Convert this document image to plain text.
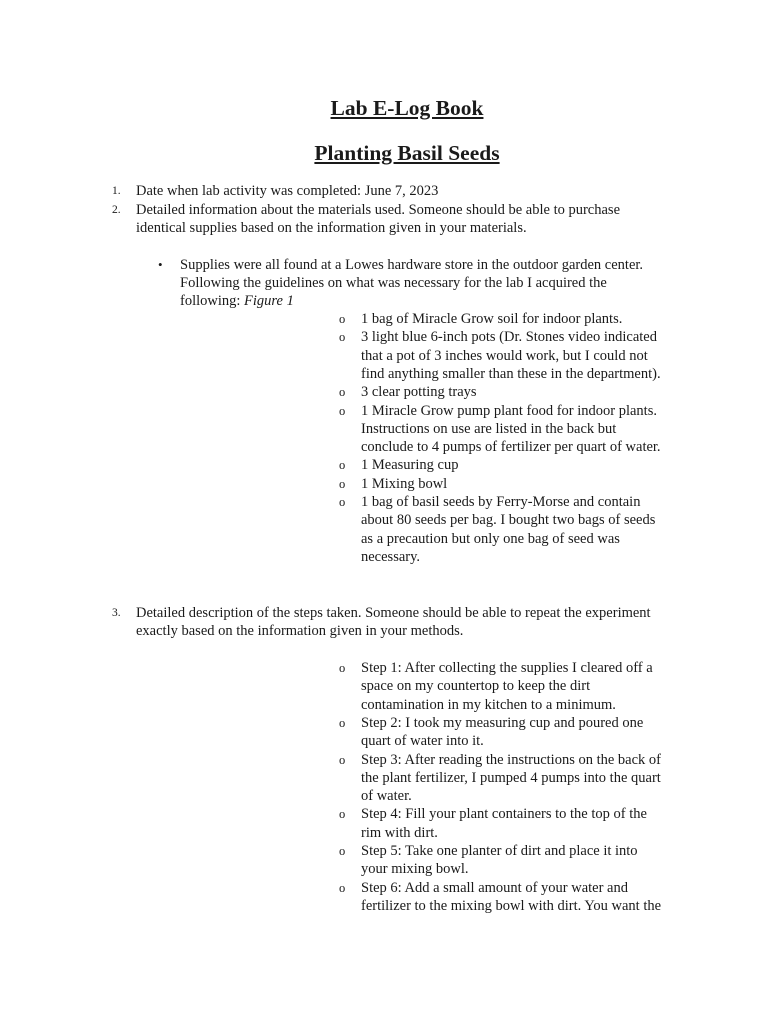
Lab E-Log Book
Planting Basil Seeds
1. Date when lab activity was completed: June 7, 2023
2. Detailed information about the materials used. Someone should be able to purchase
identical supplies based on the information given in your materials.
• Supplies were all found at a Lowes hardware store in the outdoor garden center.
Following the guidelines on what was necessary for the lab I acquired the
following: Figure 1
o 1 bag of Miracle Grow soil for indoor plants.
o 3 light blue 6-inch pots (Dr. Stones video indicated
that a pot of 3 inches would work, but I could not
find anything smaller than these in the department).
o 3 clear potting trays
o 1 Miracle Grow pump plant food for indoor plants.
Instructions on use are listed in the back but
conclude to 4 pumps of fertilizer per quart of water.
o 1 Measuring cup
o 1 Mixing bowl
o 1 bag of basil seeds by Ferry-Morse and contain
about 80 seeds per bag. I bought two bags of seeds
as a precaution but only one bag of seed was
necessary.
3. Detailed description of the steps taken. Someone should be able to repeat the experiment
exactly based on the information given in your methods.
o Step 1: After collecting the supplies I cleared off a
space on my countertop to keep the dirt
contamination in my kitchen to a minimum.
o Step 2: I took my measuring cup and poured one
quart of water into it.
o Step 3: After reading the instructions on the back of
the plant fertilizer, I pumped 4 pumps into the quart
of water.
o Step 4: Fill your plant containers to the top of the
rim with dirt.
o Step 5: Take one planter of dirt and place it into
your mixing bowl.
o Step 6: Add a small amount of your water and
fertilizer to the mixing bowl with dirt. You want the
